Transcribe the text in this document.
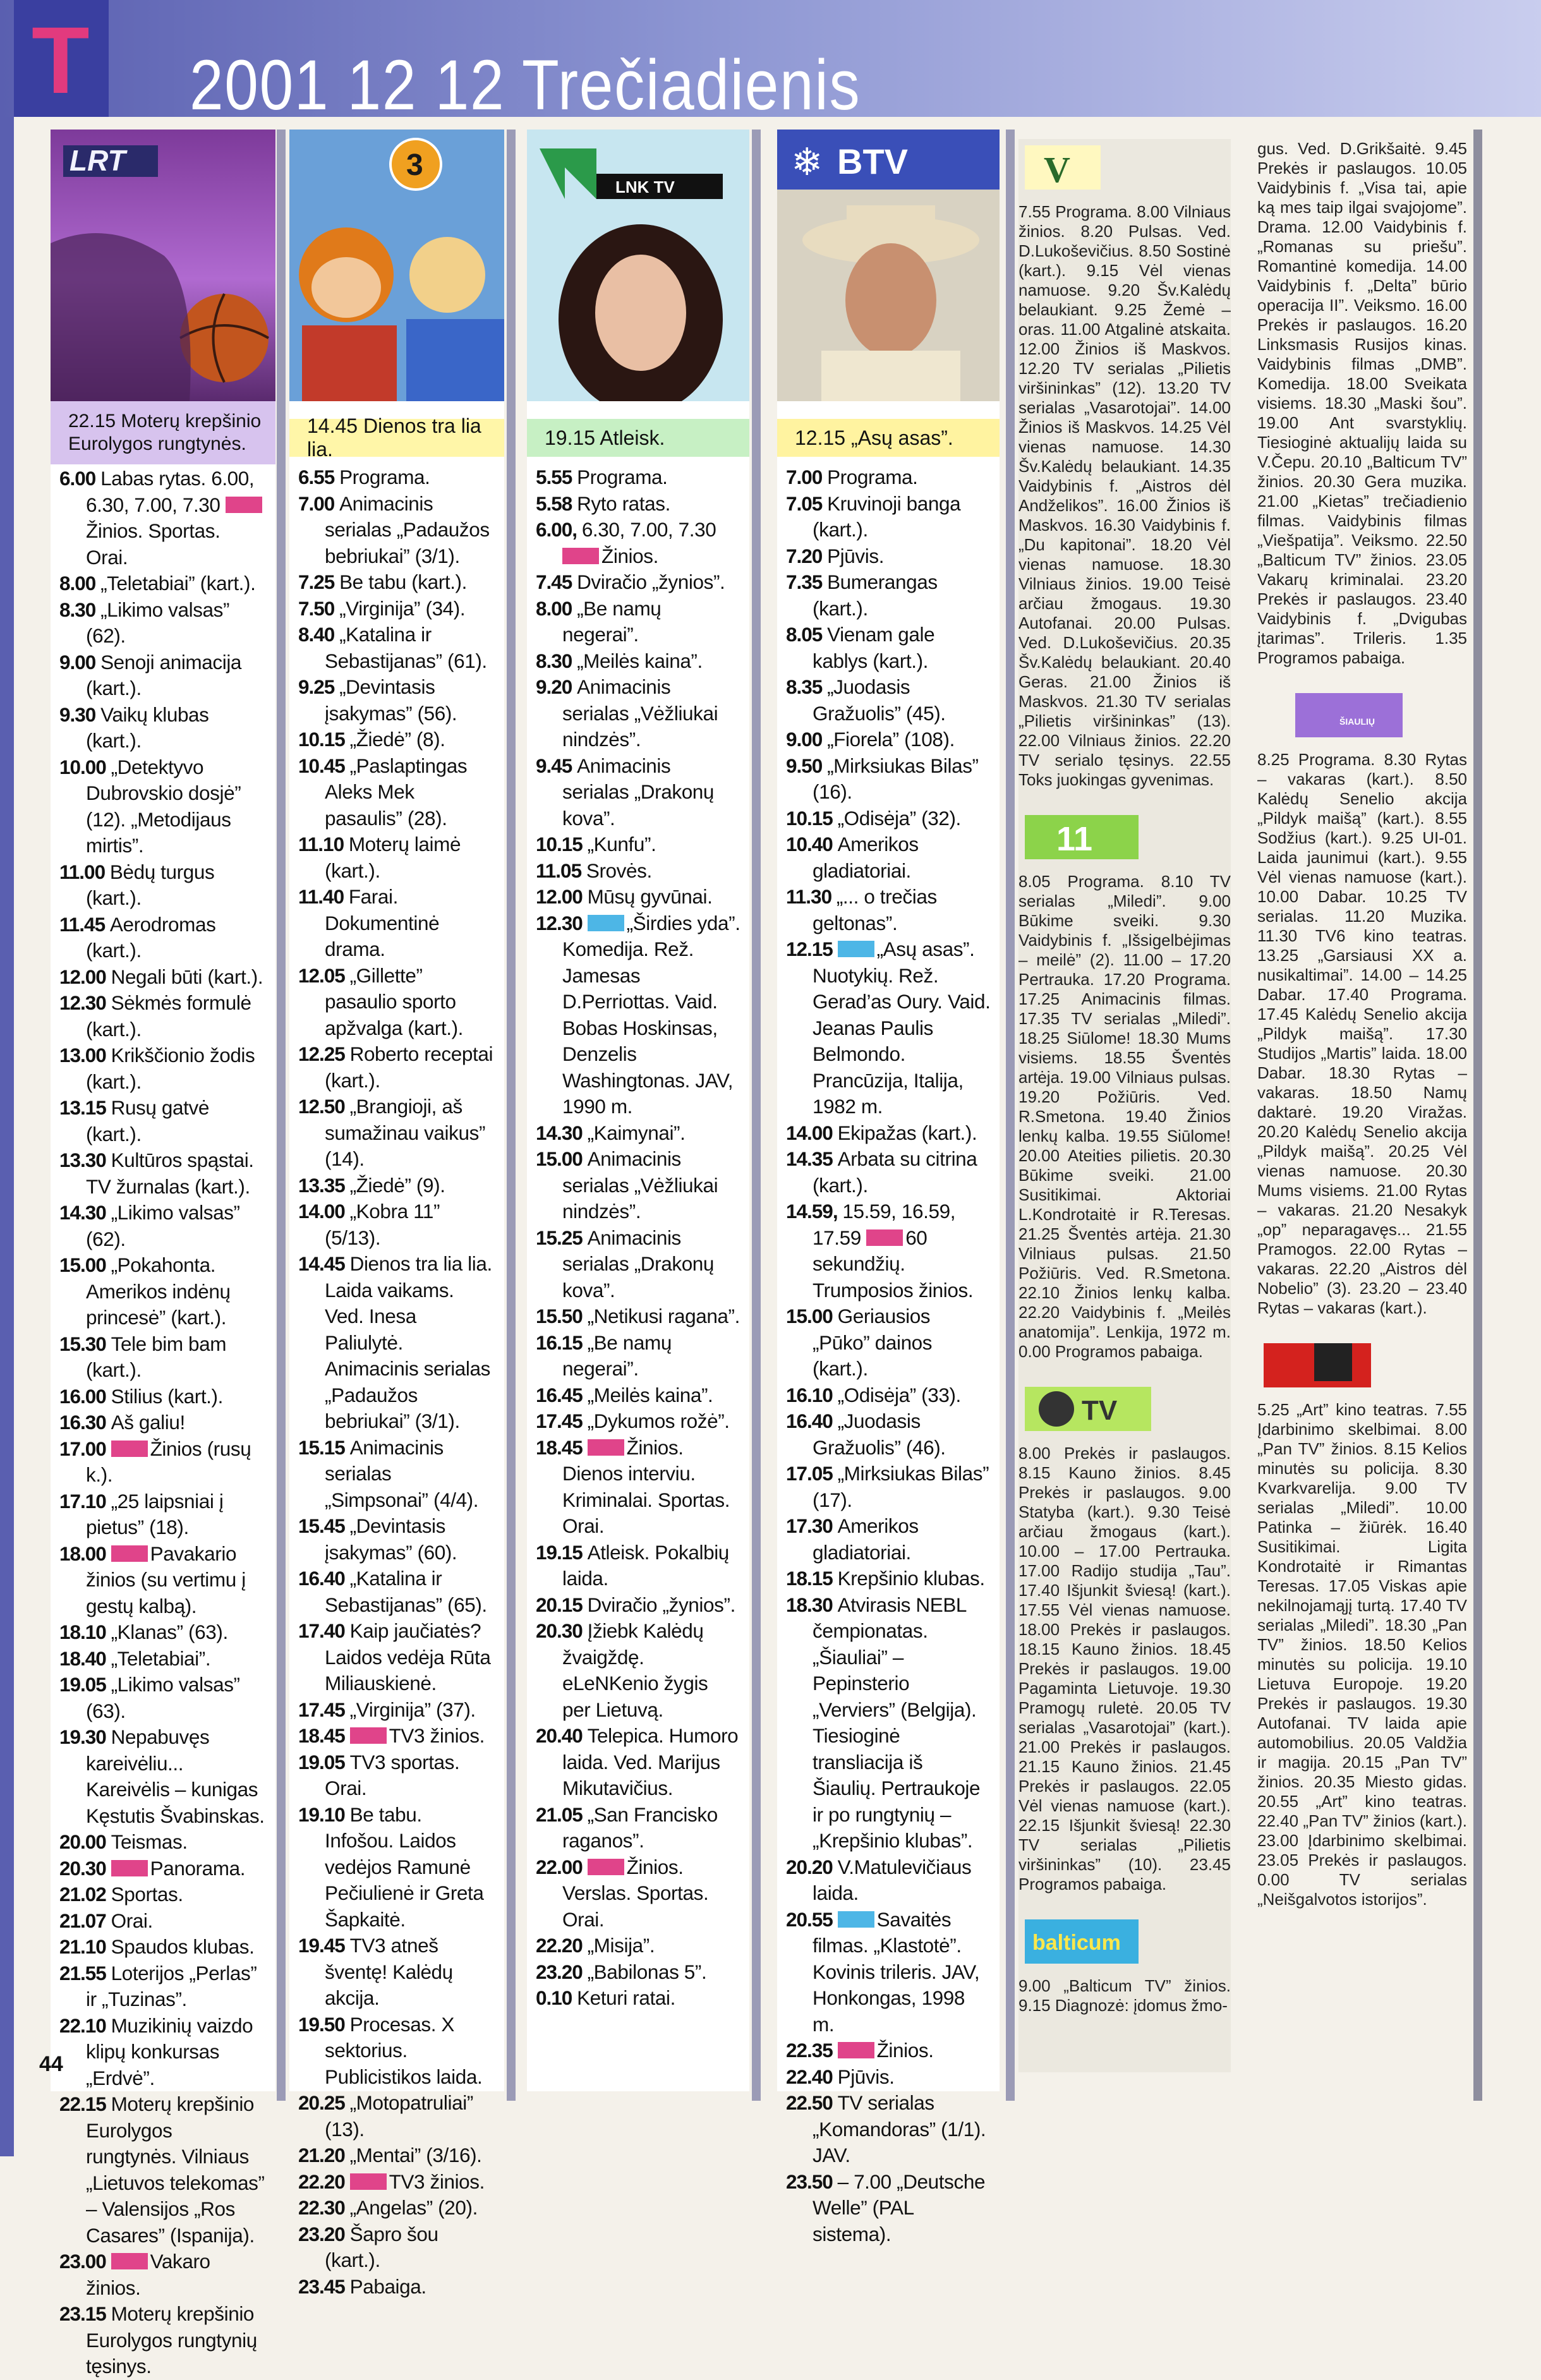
T 2001 12 12 Trečiadienis
LRT
22.15 Moterų krepšinio Eurolygos rungtynės.
6.00 Labas rytas. 6.00, 6.30, 7.00, 7.30 Žinios. Sportas. Orai.
8.00 „Teletabiai” (kart.).
8.30 „Likimo valsas” (62).
9.00 Senoji animacija (kart.).
9.30 Vaikų klubas (kart.).
10.00 „Detektyvo Dubrovskio dosjė” (12). „Metodijaus mirtis”.
11.00 Bėdų turgus (kart.).
11.45 Aerodromas (kart.).
12.00 Negali būti (kart.).
12.30 Sėkmės formulė (kart.).
13.00 Krikščionio žodis (kart.).
13.15 Rusų gatvė (kart.).
13.30 Kultūros spąstai. TV žurnalas (kart.).
14.30 „Likimo valsas” (62).
15.00 „Pokahonta. Amerikos indėnų princesė” (kart.).
15.30 Tele bim bam (kart.).
16.00 Stilius (kart.).
16.30 Aš galiu!
17.00 Žinios (rusų k.).
17.10 „25 laipsniai į pietus” (18).
18.00 Pavakario žinios (su vertimu į gestų kalbą).
18.10 „Klanas” (63).
18.40 „Teletabiai”.
19.05 „Likimo valsas” (63).
19.30 Nepabuvęs kareivėliu... Kareivėlis – kunigas Kęstutis Švabinskas.
20.00 Teismas.
20.30 Panorama.
21.02 Sportas.
21.07 Orai.
21.10 Spaudos klubas.
21.55 Loterijos „Perlas” ir „Tuzinas”.
22.10 Muzikinių vaizdo klipų konkursas „Erdvė”.
22.15 Moterų krepšinio Eurolygos rungtynės. Vilniaus „Lietuvos telekomas” – Valensijos „Ros Casares” (Ispanija).
23.00 Vakaro žinios.
23.15 Moterų krepšinio Eurolygos rungtynių tęsinys.
3
14.45 Dienos tra lia lia.
6.55 Programa.
7.00 Animacinis serialas „Padaužos bebriukai” (3/1).
7.25 Be tabu (kart.).
7.50 „Virginija” (34).
8.40 „Katalina ir Sebastijanas” (61).
9.25 „Devintasis įsakymas” (56).
10.15 „Žiedė” (8).
10.45 „Paslaptingas Aleks Mek pasaulis” (28).
11.10 Moterų laimė (kart.).
11.40 Farai. Dokumentinė drama.
12.05 „Gillette” pasaulio sporto apžvalga (kart.).
12.25 Roberto receptai (kart.).
12.50 „Brangioji, aš sumažinau vaikus” (14).
13.35 „Žiedė” (9).
14.00 „Kobra 11” (5/13).
14.45 Dienos tra lia lia. Laida vaikams. Ved. Inesa Paliulytė. Animacinis serialas „Padaužos bebriukai” (3/1).
15.15 Animacinis serialas „Simpsonai” (4/4).
15.45 „Devintasis įsakymas” (60).
16.40 „Katalina ir Sebastijanas” (65).
17.40 Kaip jaučiatės? Laidos vedėja Rūta Miliauskienė.
17.45 „Virginija” (37).
18.45 TV3 žinios.
19.05 TV3 sportas. Orai.
19.10 Be tabu. Infošou. Laidos vedėjos Ramunė Pečiulienė ir Greta Šapkaitė.
19.45 TV3 atneš šventę! Kalėdų akcija.
19.50 Procesas. X sektorius. Publicistikos laida.
20.25 „Motopatruliai” (13).
21.20 „Mentai” (3/16).
22.20 TV3 žinios.
22.30 „Angelas” (20).
23.20 Šapro šou (kart.).
23.45 Pabaiga.
LNK TV
19.15 Atleisk.
5.55 Programa.
5.58 Ryto ratas.
6.00, 6.30, 7.00, 7.30 Žinios.
7.45 Dviračio „žynios”.
8.00 „Be namų negerai”.
8.30 „Meilės kaina”.
9.20 Animacinis serialas „Vėžliukai nindzės”.
9.45 Animacinis serialas „Drakonų kova”.
10.15 „Kunfu”.
11.05 Srovės.
12.00 Mūsų gyvūnai.
12.30 „Širdies yda”. Komedija. Rež. Jamesas D.Perriottas. Vaid. Bobas Hoskinsas, Denzelis Washingtonas. JAV, 1990 m.
14.30 „Kaimynai”.
15.00 Animacinis serialas „Vėžliukai nindzės”.
15.25 Animacinis serialas „Drakonų kova”.
15.50 „Netikusi ragana”.
16.15 „Be namų negerai”.
16.45 „Meilės kaina”.
17.45 „Dykumos rožė”.
18.45 Žinios. Dienos interviu. Kriminalai. Sportas. Orai.
19.15 Atleisk. Pokalbių laida.
20.15 Dviračio „žynios”.
20.30 Įžiebk Kalėdų žvaigždę. eLeNKenio žygis per Lietuvą.
20.40 Telepica. Humoro laida. Ved. Marijus Mikutavičius.
21.05 „San Francisko raganos”.
22.00 Žinios. Verslas. Sportas. Orai.
22.20 „Misija”.
23.20 „Babilonas 5”.
0.10 Keturi ratai.
BTV
❄
12.15 „Asų asas”.
7.00 Programa.
7.05 Kruvinoji banga (kart.).
7.20 Pjūvis.
7.35 Bumerangas (kart.).
8.05 Vienam gale kablys (kart.).
8.35 „Juodasis Gražuolis” (45).
9.00 „Fiorela” (108).
9.50 „Mirksiukas Bilas” (16).
10.15 „Odisėja” (32).
10.40 Amerikos gladiatoriai.
11.30 „... o trečias geltonas”.
12.15 „Asų asas”. Nuotykių. Rež. Gerad’as Oury. Vaid. Jeanas Paulis Belmondo. Prancūzija, Italija, 1982 m.
14.00 Ekipažas (kart.).
14.35 Arbata su citrina (kart.).
14.59, 15.59, 16.59, 17.59 60 sekundžių. Trumposios žinios.
15.00 Geriausios „Pūko” dainos (kart.).
16.10 „Odisėja” (33).
16.40 „Juodasis Gražuolis” (46).
17.05 „Mirksiukas Bilas” (17).
17.30 Amerikos gladiatoriai.
18.15 Krepšinio klubas.
18.30 Atvirasis NEBL čempionatas. „Šiauliai” – Pepinsterio „Verviers” (Belgija). Tiesioginė transliacija iš Šiaulių. Pertraukoje ir po rungtynių – „Krepšinio klubas”.
20.20 V.Matulevičiaus laida.
20.55 Savaitės filmas. „Klastotė”. Kovinis trileris. JAV, Honkongas, 1998 m.
22.35 Žinios.
22.40 Pjūvis.
22.50 TV serialas „Komandoras” (1/1). JAV.
23.50 – 7.00 „Deutsche Welle” (PAL sistema).
V
7.55 Programa. 8.00 Vilniaus žinios. 8.20 Pulsas. Ved. D.Lukoševičius. 8.50 Sostinė (kart.). 9.15 Vėl vienas namuose. 9.20 Šv.Kalėdų belaukiant. 9.25 Žemė – oras. 11.00 Atgalinė atskaita. 12.00 Žinios iš Maskvos. 12.20 TV serialas „Pilietis viršininkas” (12). 13.20 TV serialas „Vasarotojai”. 14.00 Žinios iš Maskvos. 14.25 Vėl vienas namuose. 14.30 Šv.Kalėdų belaukiant. 14.35 Vaidybinis f. „Aistros dėl Andželikos”. 16.00 Žinios iš Maskvos. 16.30 Vaidybinis f. „Du kapitonai”. 18.20 Vėl vienas namuose. 18.30 Vilniaus žinios. 19.00 Teisė arčiau žmogaus. 19.30 Autofanai. 20.00 Pulsas. Ved. D.Lukoševičius. 20.35 Šv.Kalėdų belaukiant. 20.40 Geras. 21.00 Žinios iš Maskvos. 21.30 TV serialas „Pilietis viršininkas” (13). 22.00 Vilniaus žinios. 22.20 TV serialo tęsinys. 22.55 Toks juokingas gyvenimas.
11
8.05 Programa. 8.10 TV serialas „Miledi”. 9.00 Būkime sveiki. 9.30 Vaidybinis f. „Išsigelbėjimas – meilė” (2). 11.00 – 17.20 Pertrauka. 17.20 Programa. 17.25 Animacinis filmas. 17.35 TV serialas „Miledi”. 18.25 Siūlome! 18.30 Mums visiems. 18.55 Šventės artėja. 19.00 Vilniaus pulsas. 19.20 Požiūris. Ved. R.Smetona. 19.40 Žinios lenkų kalba. 19.55 Siūlome! 20.00 Ateities pilietis. 20.30 Būkime sveiki. 21.00 Susitikimai. Aktoriai L.Kondrotaitė ir R.Teresas. 21.25 Šventės artėja. 21.30 Vilniaus pulsas. 21.50 Požiūris. Ved. R.Smetona. 22.10 Žinios lenkų kalba. 22.20 Vaidybinis f. „Meilės anatomija”. Lenkija, 1972 m. 0.00 Programos pabaiga.
TV
8.00 Prekės ir paslaugos. 8.15 Kauno žinios. 8.45 Prekės ir paslaugos. 9.00 Statyba (kart.). 9.30 Teisė arčiau žmogaus (kart.). 10.00 – 17.00 Pertrauka. 17.00 Radijo studija „Tau”. 17.40 Išjunkit šviesą! (kart.). 17.55 Vėl vienas namuose. 18.00 Prekės ir paslaugos. 18.15 Kauno žinios. 18.45 Prekės ir paslaugos. 19.00 Pagamintа Lietuvoje. 19.30 Pramogų ruletė. 20.05 TV serialas „Vasarotojai” (kart.). 21.00 Prekės ir paslaugos. 21.15 Kauno žinios. 21.45 Prekės ir paslaugos. 22.05 Vėl vienas namuose (kart.). 22.15 Išjunkit šviesą! 22.30 TV serialas „Pilietis viršininkas” (10). 23.45 Programos pabaiga.
balticum
9.00 „Balticum TV” žinios. 9.15 Diagnozė: įdomus žmo-
gus. Ved. D.Grikšaitė. 9.45 Prekės ir paslaugos. 10.05 Vaidybinis f. „Visa tai, apie ką mes taip ilgai svajojome”. Drama. 12.00 Vaidybinis f. „Romanas su priešu”. Romantinė komedija. 14.00 Vaidybinis f. „Delta” būrio operacija II”. Veiksmo. 16.00 Prekės ir paslaugos. 16.20 Linksmasis Rusijos kinas. Vaidybinis filmas „DMB”. Komedija. 18.00 Sveikata visiems. 18.30 „Maski šou”. 19.00 Ant svarstyklių. Tiesioginė aktualijų laida su V.Čepu. 20.10 „Balticum TV” žinios. 20.30 Gera muzika. 21.00 „Kietas” trečiadienio filmas. Vaidybinis filmas „Viešpatija”. Veiksmo. 22.50 „Balticum TV” žinios. 23.05 Vakarų kriminalai. 23.20 Prekės ir paslaugos. 23.40 Vaidybinis f. „Dvigubas įtarimas”. Trileris. 1.35 Programos pabaiga.
ŠIAULIŲ
8.25 Programa. 8.30 Rytas – vakaras (kart.). 8.50 Kalėdų Senelio akcija „Pildyk maišą” (kart.). 8.55 Sodžius (kart.). 9.25 UI-01. Laida jaunimui (kart.). 9.55 Vėl vienas namuose (kart.). 10.00 Dabar. 10.25 TV serialas. 11.20 Muzika. 11.30 TV6 kino teatras. 13.25 „Garsiausi XX a. nusikaltimai”. 14.00 – 14.25 Dabar. 17.40 Programa. 17.45 Kalėdų Senelio akcija „Pildyk maišą”. 17.30 Studijos „Martis” laida. 18.00 Dabar. 18.30 Rytas – vakaras. 18.50 Namų daktarė. 19.20 Viražas. 20.20 Kalėdų Senelio akcija „Pildyk maišą”. 20.25 Vėl vienas namuose. 20.30 Mums visiems. 21.00 Rytas – vakaras. 21.20 Nesakyk „op” neparagavęs... 21.55 Pramogos. 22.00 Rytas – vakaras. 22.20 „Aistros dėl Nobelio” (3). 23.20 – 23.40 Rytas – vakaras (kart.).
5.25 „Art” kino teatras. 7.55 Įdarbinimo skelbimai. 8.00 „Pan TV” žinios. 8.15 Kelios minutės su policija. 8.30 Kvarkvarelija. 9.00 TV serialas „Miledi”. 10.00 Patinka – žiūrėk. 16.40 Susitikimai. Ligita Kondrotaitė ir Rimantas Teresas. 17.05 Viskas apie nekilnojamąjį turtą. 17.40 TV serialas „Miledi”. 18.30 „Pan TV” žinios. 18.50 Kelios minutės su policija. 19.10 Lietuva Europoje. 19.20 Prekės ir paslaugos. 19.30 Autofanai. TV laida apie automobilius. 20.05 Valdžia ir magija. 20.15 „Pan TV” žinios. 20.35 Miesto gidas. 20.55 „Art” kino teatras. 22.40 „Pan TV” žinios (kart.). 23.00 Įdarbinimo skelbimai. 23.05 Prekės ir paslaugos. 0.00 TV serialas „Neišgalvotos istorijos”.
44
